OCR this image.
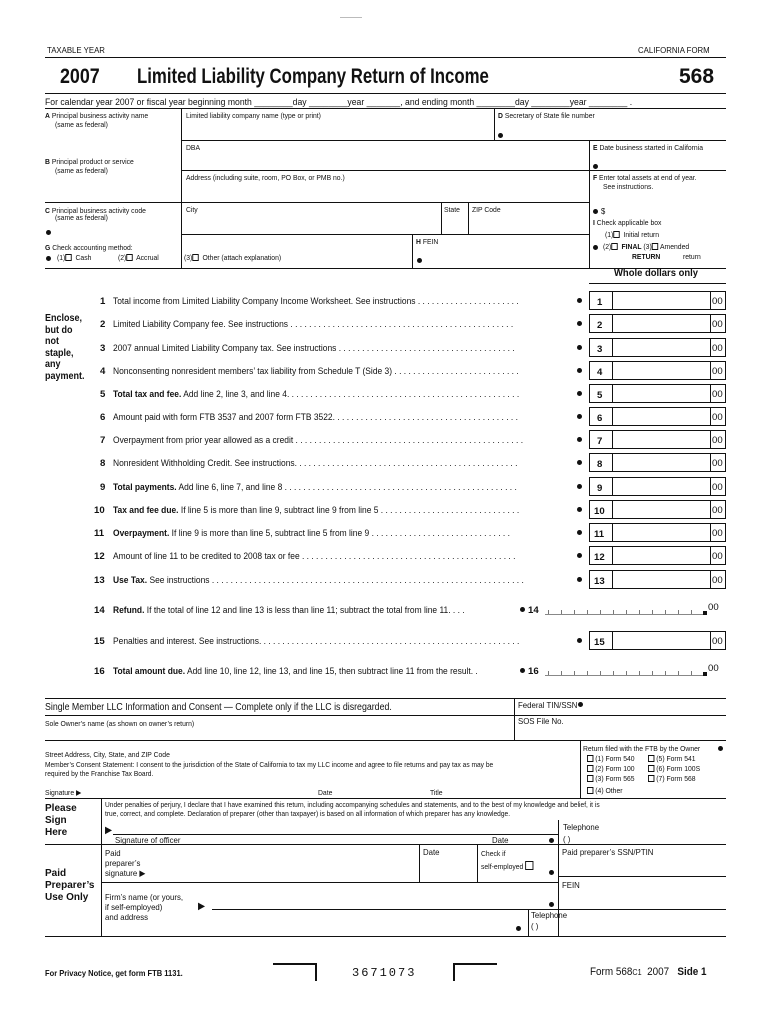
TAXABLE YEAR	CALIFORNIA FORM
2007 Limited Liability Company Return of Income	568
For calendar year 2007 or fiscal year beginning month ________day ________year _______, and ending month ________day ________year ________ .
A Principal business activity name
(same as federal)
Limited liability company name (type or print)	D Secretary of State file number
DBA	E Date business started in California
B Principal product or service
(same as federal)
Address (including suite, room, PO Box, or PMB no.)	F Enter total assets at end of year.
See instructions.
C Principal business activity code
(same as federal)
City	State ZIP Code	$
I Check applicable box
(1) Initial return
(2) FINAL (3) Amended
RETURN	return
H FEIN
G Check accounting method:
(1) Cash	(2) Accrual	(3) Other (attach explanation)
Whole dollars only
Enclose,
but do
not
staple,
any
payment.
1 Total income from Limited Liability Company Income Worksheet. See instructions . . . . . . . . . . . . . . . . . . . . . .	1	00
2 Limited Liability Company fee. See instructions . . . . . . . . . . . . . . . . . . . . . . . . . . . . . . . . . . . . . . . . . . . . . . . .	2	00
3 2007 annual Limited Liability Company tax. See instructions . . . . . . . . . . . . . . . . . . . . . . . . . . . . . . . . . . . . . .	3	00
4 Nonconsenting nonresident members’ tax liability from Schedule T (Side 3) . . . . . . . . . . . . . . . . . . . . . . . . . . .	4	00
5 Total tax and fee. Add line 2, line 3, and line 4. . . . . . . . . . . . . . . . . . . . . . . . . . . . . . . . . . . . . . . . . . . . . . . . . .	5	00
6 Amount paid with form FTB 3537 and 2007 form FTB 3522. . . . . . . . . . . . . . . . . . . . . . . . . . . . . . . . . . . . . . . .	6	00
7 Overpayment from prior year allowed as a credit . . . . . . . . . . . . . . . . . . . . . . . . . . . . . . . . . . . . . . . . . . . . . . . . .	7	00
8 Nonresident Withholding Credit. See instructions. . . . . . . . . . . . . . . . . . . . . . . . . . . . . . . . . . . . . . . . . . . . . . . .	8	00
9 Total payments. Add line 6, line 7, and line 8 . . . . . . . . . . . . . . . . . . . . . . . . . . . . . . . . . . . . . . . . . . . . . . . . . .	9	00
10 Tax and fee due. If line 5 is more than line 9, subtract line 9 from line 5 . . . . . . . . . . . . . . . . . . . . . . . . . . . . . .	10	00
11 Overpayment. If line 9 is more than line 5, subtract line 5 from line 9 . . . . . . . . . . . . . . . . . . . . . . . . . . . . . .	11	00
12 Amount of line 11 to be credited to 2008 tax or fee . . . . . . . . . . . . . . . . . . . . . . . . . . . . . . . . . . . . . . . . . . . . . .	12	00
13 Use Tax. See instructions . . . . . . . . . . . . . . . . . . . . . . . . . . . . . . . . . . . . . . . . . . . . . . . . . . . . . . . . . . . . . . . . . . .	13	00
14 Refund. If the total of line 12 and line 13 is less than line 11; subtract the total from line 11. . . .	14	00
15 Penalties and interest. See instructions. . . . . . . . . . . . . . . . . . . . . . . . . . . . . . . . . . . . . . . . . . . . . . . . . . . . . . . .	15	00
16 Total amount due. Add line 10, line 12, line 13, and line 15, then subtract line 11 from the result. .	16	00
Single Member LLC Information and Consent — Complete only if the LLC is disregarded.	Federal TIN/SSN
Sole Owner’s name (as shown on owner’s return)	SOS File No.
Street Address, City, State, and ZIP Code
Member’s Consent Statement: I consent to the jurisdiction of the State of California to tax my LLC income and agree to file returns and pay tax as may be
required by the Franchise Tax Board.
Signature ▶	Date	Title
Return filed with the FTB by the Owner
(1) Form 540	(5) Form 541
(2) Form 100	(6) Form 100S
(3) Form 565	(7) Form 568
(4) Other
Please
Sign
Here
Under penalties of perjury, I declare that I have examined this return, including accompanying schedules and statements, and to the best of my knowledge and belief, it is
true, correct, and complete. Declaration of preparer (other than taxpayer) is based on all information of which preparer has any knowledge.
▶	Telephone
Signature of officer	Date	( )
Paid
Preparer’s
Use Only
Paid
preparer’s
signature ▶
Date	Check if
self-employed
Paid preparer’s SSN/PTIN
FEIN
Firm’s name (or yours,
if self-employed)
and address
▶
Telephone
( )
For Privacy Notice, get form FTB 1131.	3671073	Form 568C1 2007 Side 1
